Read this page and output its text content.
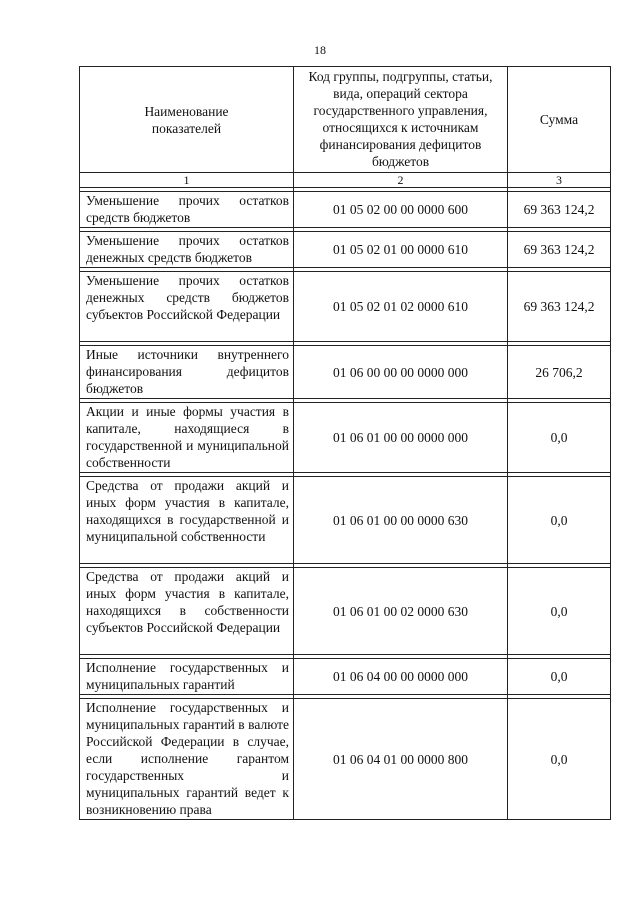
18
Наименование показателей	Код группы, подгруппы, статьи, вида, операций сектора государственного управления, относящихся к источникам финансирования дефицитов бюджетов	Сумма
1	2	3

Уменьшение прочих остатков средств бюджетов	01 05 02 00 00 0000 600	69 363 124,2

Уменьшение прочих остатков денежных средств бюджетов	01 05 02 01 00 0000 610	69 363 124,2

Уменьшение прочих остатков денежных средств бюджетов субъектов Российской Федерации	01 05 02 01 02 0000 610	69 363 124,2

Иные источники внутреннего финансирования дефицитов бюджетов	01 06 00 00 00 0000 000	26 706,2

Акции и иные формы участия в капитале, находящиеся в государственной и муниципальной собственности	01 06 01 00 00 0000 000	0,0

Средства от продажи акций и иных форм участия в капитале, находящихся в государственной и муниципальной собственности	01 06 01 00 00 0000 630	0,0

Средства от продажи акций и иных форм участия в капитале, находящихся в собственности субъектов Российской Федерации	01 06 01 00 02 0000 630	0,0

Исполнение государственных и муниципальных гарантий	01 06 04 00 00 0000 000	0,0

Исполнение государственных и муниципальных гарантий в валюте Российской Федерации в случае, если исполнение гарантом государственных и муниципальных гарантий ведет к возникновению права	01 06 04 01 00 0000 800	0,0
